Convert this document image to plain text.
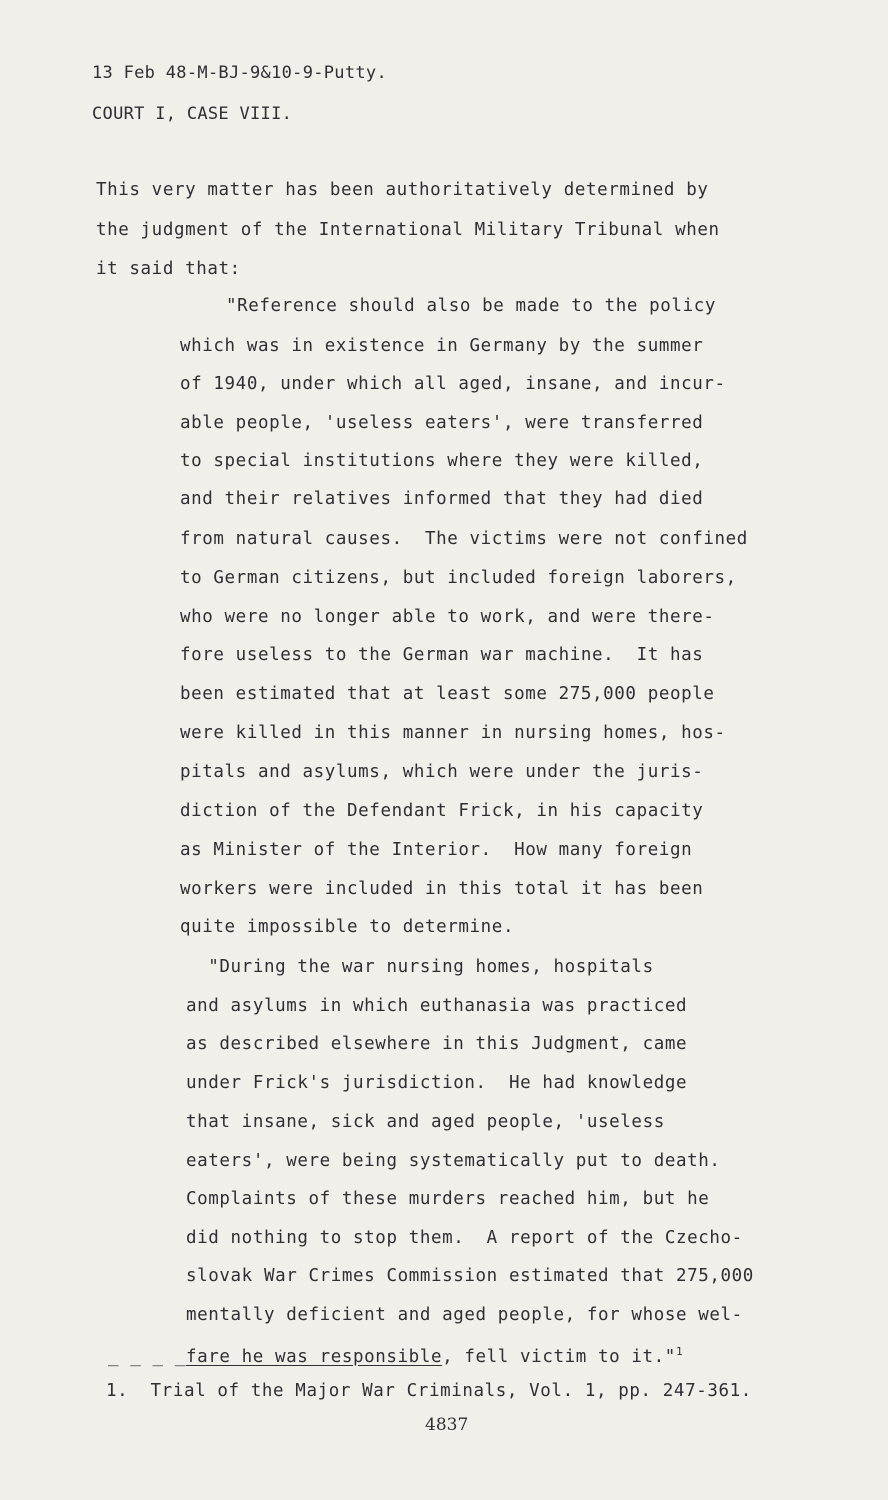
13 Feb 48-M-BJ-9&10-9-Putty.
COURT I, CASE VIII.
This very matter has been authoritatively determined by
the judgment of the International Military Tribunal when
it said that:
"Reference should also be made to the policy
which was in existence in Germany by the summer
of 1940, under which all aged, insane, and incur-
able people, 'useless eaters', were transferred
to special institutions where they were killed,
and their relatives informed that they had died
from natural causes.  The victims were not confined
to German citizens, but included foreign laborers,
who were no longer able to work, and were there-
fore useless to the German war machine.  It has
been estimated that at least some 275,000 people
were killed in this manner in nursing homes, hos-
pitals and asylums, which were under the juris-
diction of the Defendant Frick, in his capacity
as Minister of the Interior.  How many foreign
workers were included in this total it has been
quite impossible to determine.
"During the war nursing homes, hospitals
and asylums in which euthanasia was practiced
as described elsewhere in this Judgment, came
under Frick's jurisdiction.  He had knowledge
that insane, sick and aged people, 'useless
eaters', were being systematically put to death.
Complaints of these murders reached him, but he
did nothing to stop them.  A report of the Czecho-
slovak War Crimes Commission estimated that 275,000
mentally deficient and aged people, for whose wel-
_ _ _ _fare he was responsible, fell victim to it."$^1$
1.  Trial of the Major War Criminals, Vol. 1, pp. 247-361.
4837
